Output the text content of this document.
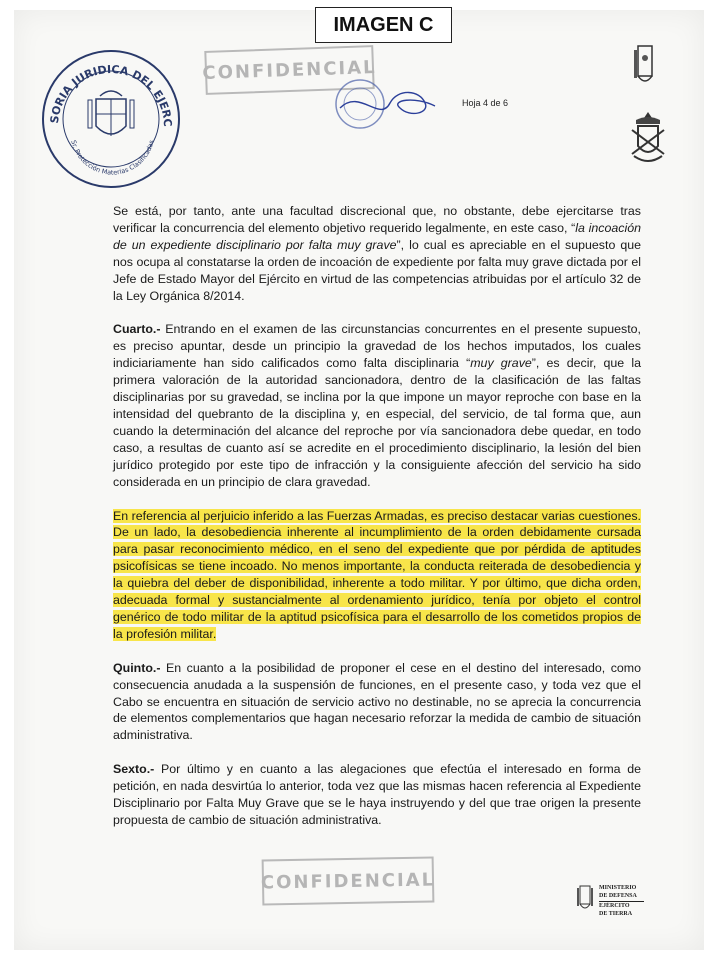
IMAGEN C
CONFIDENCIAL
SORIA JURIDICA DEL EJERC
Sr. Protección Materias Clasificadas
Hoja 4 de 6

Se está, por tanto, ante una facultad discrecional que, no obstante, debe ejercitarse tras verificar la concurrencia del elemento objetivo requerido legalmente, en este caso, “la incoación de un expediente disciplinario por falta muy grave”, lo cual es apreciable en el supuesto que nos ocupa al constatarse la orden de incoación de expediente por falta muy grave dictada por el Jefe de Estado Mayor del Ejército en virtud de las competencias atribuidas por el artículo 32 de la Ley Orgánica 8/2014.

Cuarto.- Entrando en el examen de las circunstancias concurrentes en el presente supuesto, es preciso apuntar, desde un principio la gravedad de los hechos imputados, los cuales indiciariamente han sido calificados como falta disciplinaria “muy grave”, es decir, que la primera valoración de la autoridad sancionadora, dentro de la clasificación de las faltas disciplinarias por su gravedad, se inclina por la que impone un mayor reproche con base en la intensidad del quebranto de la disciplina y, en especial, del servicio, de tal forma que, aun cuando la determinación del alcance del reproche por vía sancionadora debe quedar, en todo caso, a resultas de cuanto así se acredite en el procedimiento disciplinario, la lesión del bien jurídico protegido por este tipo de infracción y la consiguiente afección del servicio ha sido considerada en un principio de clara gravedad.

En referencia al perjuicio inferido a las Fuerzas Armadas, es preciso destacar varias cuestiones. De un lado, la desobediencia inherente al incumplimiento de la orden debidamente cursada para pasar reconocimiento médico, en el seno del expediente que por pérdida de aptitudes psicofísicas se tiene incoado. No menos importante, la conducta reiterada de desobediencia y la quiebra del deber de disponibilidad, inherente a todo militar. Y por último, que dicha orden, adecuada formal y sustancialmente al ordenamiento jurídico, tenía por objeto el control genérico de todo militar de la aptitud psicofísica para el desarrollo de los cometidos propios de la profesión militar.

Quinto.- En cuanto a la posibilidad de proponer el cese en el destino del interesado, como consecuencia anudada a la suspensión de funciones, en el presente caso, y toda vez que el Cabo se encuentra en situación de servicio activo no destinable, no se aprecia la concurrencia de elementos complementarios que hagan necesario reforzar la medida de cambio de situación administrativa.

Sexto.- Por último y en cuanto a las alegaciones que efectúa el interesado en forma de petición, en nada desvirtúa lo anterior, toda vez que las mismas hacen referencia al Expediente Disciplinario por Falta Muy Grave que se le haya instruyendo y del que trae origen la presente propuesta de cambio de situación administrativa.

CONFIDENCIAL	MINISTERIO
DE DEFENSA
EJÉRCITO
DE TIERRA
